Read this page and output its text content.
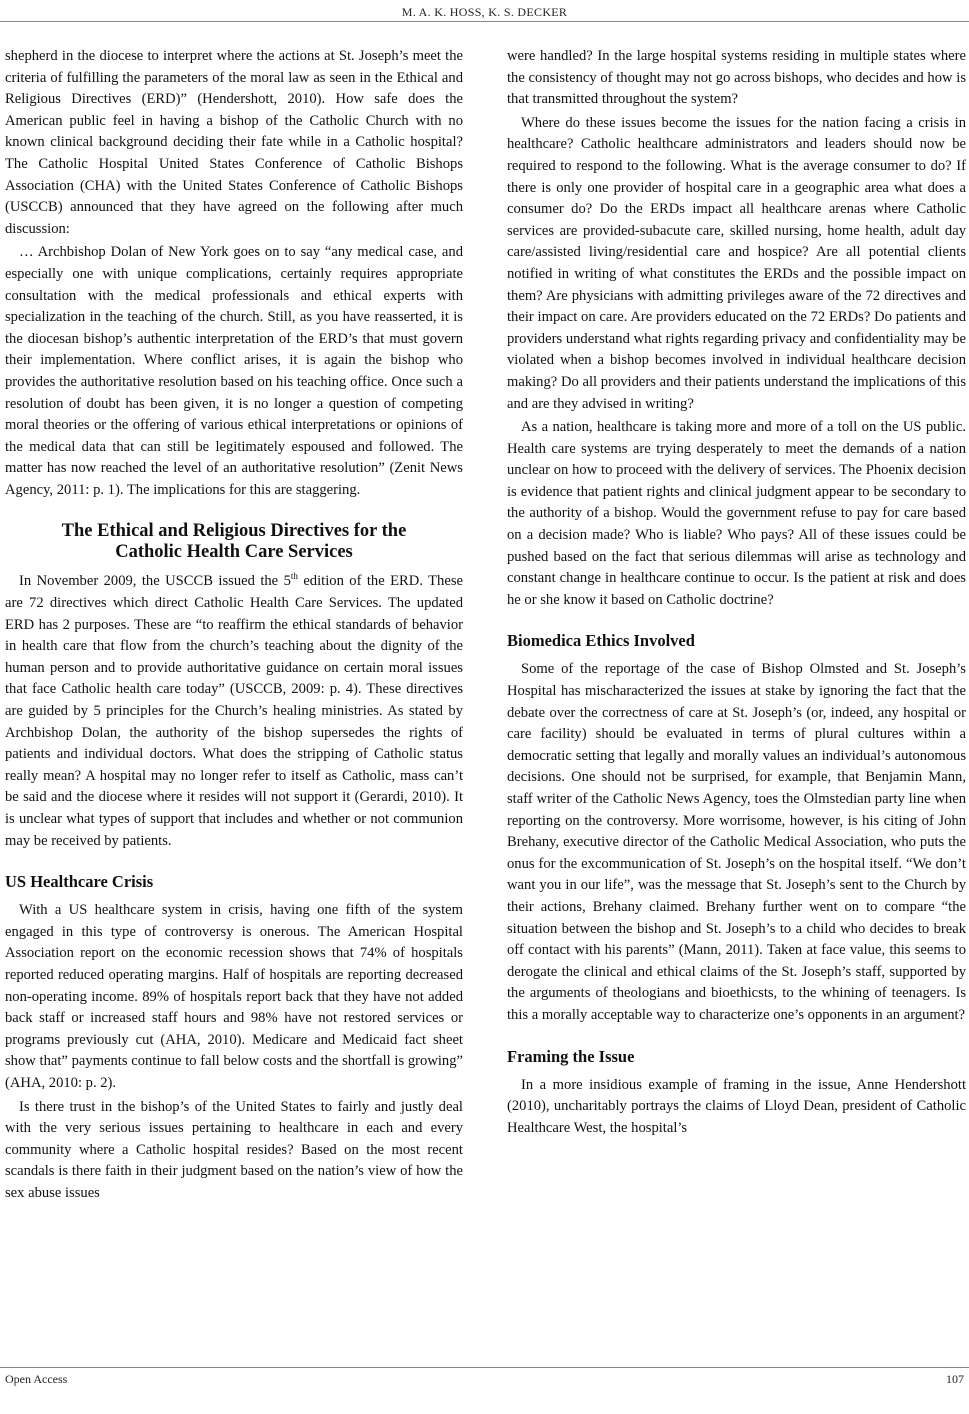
M. A. K. HOSS, K. S. DECKER

shepherd in the diocese to interpret where the actions at St. Joseph’s meet the criteria of fulfilling the parameters of the moral law as seen in the Ethical and Religious Directives (ERD)” (Hendershott, 2010). How safe does the American public feel in having a bishop of the Catholic Church with no known clinical background deciding their fate while in a Catholic hospital? The Catholic Hospital United States Conference of Catholic Bishops Association (CHA) with the United States Conference of Catholic Bishops (USCCB) announced that they have agreed on the following after much discussion:

… Archbishop Dolan of New York goes on to say “any medical case, and especially one with unique complications, certainly requires appropriate consultation with the medical professionals and ethical experts with specialization in the teaching of the church. Still, as you have reasserted, it is the diocesan bishop’s authentic interpretation of the ERD’s that must govern their implementation. Where conflict arises, it is again the bishop who provides the authoritative resolution based on his teaching office. Once such a resolution of doubt has been given, it is no longer a question of competing moral theories or the offering of various ethical interpretations or opinions of the medical data that can still be legitimately espoused and followed. The matter has now reached the level of an authoritative resolution” (Zenit News Agency, 2011: p. 1). The implications for this are staggering.

The Ethical and Religious Directives for the
Catholic Health Care Services

In November 2009, the USCCB issued the 5th edition of the ERD. These are 72 directives which direct Catholic Health Care Services. The updated ERD has 2 purposes. These are “to reaffirm the ethical standards of behavior in health care that flow from the church’s teaching about the dignity of the human person and to provide authoritative guidance on certain moral issues that face Catholic health care today” (USCCB, 2009: p. 4). These directives are guided by 5 principles for the Church’s healing ministries. As stated by Archbishop Dolan, the authority of the bishop supersedes the rights of patients and individual doctors. What does the stripping of Catholic status really mean? A hospital may no longer refer to itself as Catholic, mass can’t be said and the diocese where it resides will not support it (Gerardi, 2010). It is unclear what types of support that includes and whether or not communion may be received by patients.

US Healthcare Crisis

With a US healthcare system in crisis, having one fifth of the system engaged in this type of controversy is onerous. The American Hospital Association report on the economic recession shows that 74% of hospitals reported reduced operating margins. Half of hospitals are reporting decreased non-operating income. 89% of hospitals report back that they have not added back staff or increased staff hours and 98% have not restored services or programs previously cut (AHA, 2010). Medicare and Medicaid fact sheet show that” payments continue to fall below costs and the shortfall is growing” (AHA, 2010: p. 2).

Is there trust in the bishop’s of the United States to fairly and justly deal with the very serious issues pertaining to healthcare in each and every community where a Catholic hospital resides? Based on the most recent scandals is there faith in their judgment based on the nation’s view of how the sex abuse issues

were handled? In the large hospital systems residing in multiple states where the consistency of thought may not go across bishops, who decides and how is that transmitted throughout the system?

Where do these issues become the issues for the nation facing a crisis in healthcare? Catholic healthcare administrators and leaders should now be required to respond to the following. What is the average consumer to do? If there is only one provider of hospital care in a geographic area what does a consumer do? Do the ERDs impact all healthcare arenas where Catholic services are provided-subacute care, skilled nursing, home health, adult day care/assisted living/residential care and hospice? Are all potential clients notified in writing of what constitutes the ERDs and the possible impact on them? Are physicians with admitting privileges aware of the 72 directives and their impact on care. Are providers educated on the 72 ERDs? Do patients and providers understand what rights regarding privacy and confidentiality may be violated when a bishop becomes involved in individual healthcare decision making? Do all providers and their patients understand the implications of this and are they advised in writing?

As a nation, healthcare is taking more and more of a toll on the US public. Health care systems are trying desperately to meet the demands of a nation unclear on how to proceed with the delivery of services. The Phoenix decision is evidence that patient rights and clinical judgment appear to be secondary to the authority of a bishop. Would the government refuse to pay for care based on a decision made? Who is liable? Who pays? All of these issues could be pushed based on the fact that serious dilemmas will arise as technology and constant change in healthcare continue to occur. Is the patient at risk and does he or she know it based on Catholic doctrine?

Biomedica Ethics Involved

Some of the reportage of the case of Bishop Olmsted and St. Joseph’s Hospital has mischaracterized the issues at stake by ignoring the fact that the debate over the correctness of care at St. Joseph’s (or, indeed, any hospital or care facility) should be evaluated in terms of plural cultures within a democratic setting that legally and morally values an individual’s autonomous decisions. One should not be surprised, for example, that Benjamin Mann, staff writer of the Catholic News Agency, toes the Olmstedian party line when reporting on the controversy. More worrisome, however, is his citing of John Brehany, executive director of the Catholic Medical Association, who puts the onus for the excommunication of St. Joseph’s on the hospital itself. “We don’t want you in our life”, was the message that St. Joseph’s sent to the Church by their actions, Brehany claimed. Brehany further went on to compare “the situation between the bishop and St. Joseph’s to a child who decides to break off contact with his parents” (Mann, 2011). Taken at face value, this seems to derogate the clinical and ethical claims of the St. Joseph’s staff, supported by the arguments of theologians and bioethicsts, to the whining of teenagers. Is this a morally acceptable way to characterize one’s opponents in an argument?

Framing the Issue

In a more insidious example of framing in the issue, Anne Hendershott (2010), uncharitably portrays the claims of Lloyd Dean, president of Catholic Healthcare West, the hospital’s

Open Access	107
